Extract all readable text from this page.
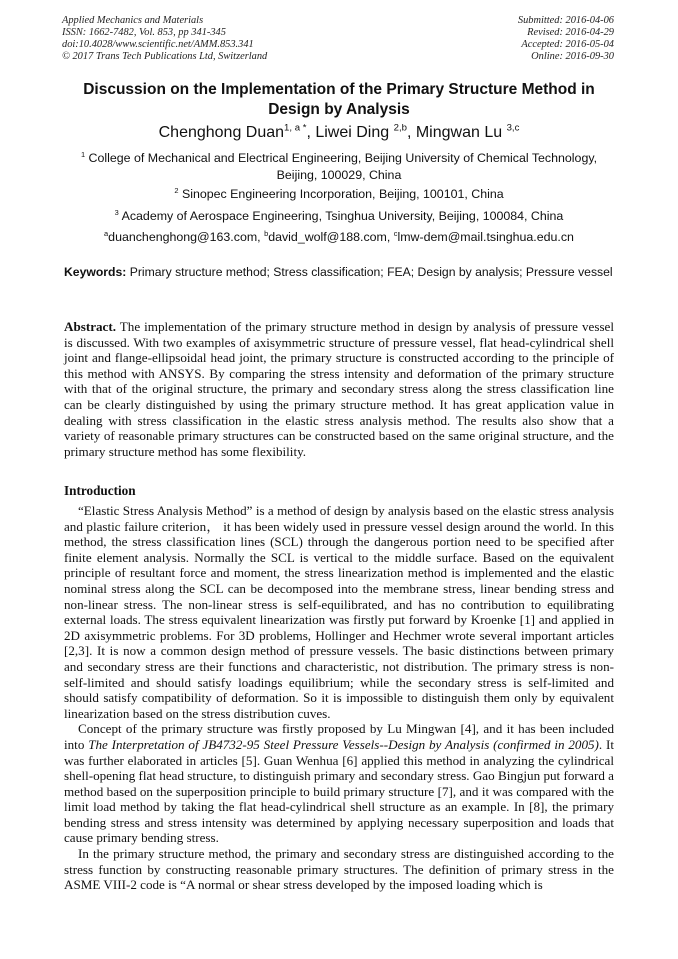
Applied Mechanics and Materials
ISSN: 1662-7482, Vol. 853, pp 341-345
doi:10.4028/www.scientific.net/AMM.853.341
© 2017 Trans Tech Publications Ltd, Switzerland
Submitted: 2016-04-06
Revised: 2016-04-29
Accepted: 2016-05-04
Online: 2016-09-30
Discussion on the Implementation of the Primary Structure Method in Design by Analysis
Chenghong Duan$^{1, a *}$, Liwei Ding $^{2,b}$, Mingwan Lu $^{3,c}$
$^1$ College of Mechanical and Electrical Engineering, Beijing University of Chemical Technology, Beijing, 100029, China
$^2$ Sinopec Engineering Incorporation, Beijing, 100101, China
$^3$ Academy of Aerospace Engineering, Tsinghua University, Beijing, 100084, China
$^a$duanchenghong@163.com, $^b$david_wolf@188.com, $^c$lmw-dem@mail.tsinghua.edu.cn
Keywords: Primary structure method; Stress classification; FEA; Design by analysis; Pressure vessel
Abstract. The implementation of the primary structure method in design by analysis of pressure vessel is discussed. With two examples of axisymmetric structure of pressure vessel, flat head-cylindrical shell joint and flange-ellipsoidal head joint, the primary structure is constructed according to the principle of this method with ANSYS. By comparing the stress intensity and deformation of the primary structure with that of the original structure, the primary and secondary stress along the stress classification line can be clearly distinguished by using the primary structure method. It has great application value in dealing with stress classification in the elastic stress analysis method. The results also show that a variety of reasonable primary structures can be constructed based on the same original structure, and the primary structure method has some flexibility.
Introduction

“Elastic Stress Analysis Method” is a method of design by analysis based on the elastic stress analysis and plastic failure criterion， it has been widely used in pressure vessel design around the world. In this method, the stress classification lines (SCL) through the dangerous portion need to be specified after finite element analysis. Normally the SCL is vertical to the middle surface. Based on the equivalent principle of resultant force and moment, the stress linearization method is implemented and the elastic nominal stress along the SCL can be decomposed into the membrane stress, linear bending stress and non-linear stress. The non-linear stress is self-equilibrated, and has no contribution to equilibrating external loads. The stress equivalent linearization was firstly put forward by Kroenke [1] and applied in 2D axisymmetric problems. For 3D problems, Hollinger and Hechmer wrote several important articles [2,3]. It is now a common design method of pressure vessels. The basic distinctions between primary and secondary stress are their functions and characteristic, not distribution. The primary stress is non-self-limited and should satisfy loadings equilibrium; while the secondary stress is self-limited and should satisfy compatibility of deformation. So it is impossible to distinguish them only by equivalent linearization based on the stress distribution cuves.

Concept of the primary structure was firstly proposed by Lu Mingwan [4], and it has been included into The Interpretation of JB4732-95 Steel Pressure Vessels--Design by Analysis (confirmed in 2005). It was further elaborated in articles [5]. Guan Wenhua [6] applied this method in analyzing the cylindrical shell-opening flat head structure, to distinguish primary and secondary stress. Gao Bingjun put forward a method based on the superposition principle to build primary structure [7], and it was compared with the limit load method by taking the flat head-cylindrical shell structure as an example. In [8], the primary bending stress and stress intensity was determined by applying necessary superposition and loads that cause primary bending stress.

In the primary structure method, the primary and secondary stress are distinguished according to the stress function by constructing reasonable primary structures. The definition of primary stress in the ASME VIII-2 code is “A normal or shear stress developed by the imposed loading which is
